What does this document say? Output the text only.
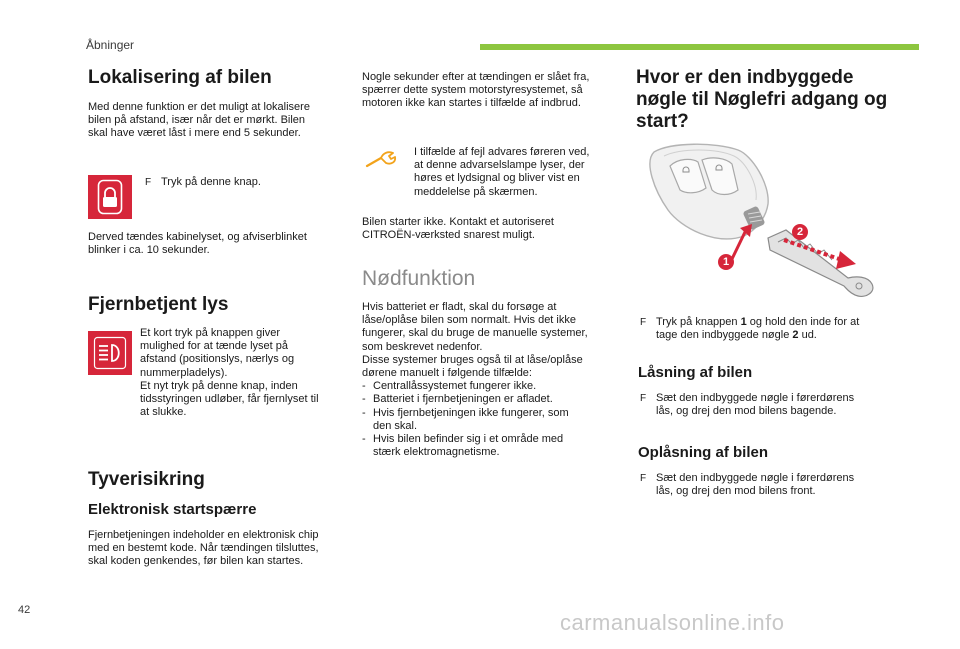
Åbninger
Lokalisering af bilen

Med denne funktion er det muligt at lokalisere

bilen på afstand, især når det er mørkt. Bilen

skal have været låst i mere end 5 sekunder.

F Tryk på denne knap.

Derved tændes kabinelyset, og afviserblinket

blinker i ca. 10 sekunder.

Fjernbetjent lys

Et kort tryk på knappen giver

mulighed for at tænde lyset på

afstand (positionslys, nærlys og

nummerpladelys).

Et nyt tryk på denne knap, inden

tidsstyringen udløber, får fjernlyset til

at slukke.

Tyverisikring
Elektronisk startspærre

Fjernbetjeningen indeholder en elektronisk chip

med en bestemt kode. Når tændingen tilsluttes,

skal koden genkendes, før bilen kan startes.

Nogle sekunder efter at tændingen er slået fra,

spærrer dette system motorstyresystemet, så

motoren ikke kan startes i tilfælde af indbrud.

I tilfælde af fejl advares føreren ved,

at denne advarselslampe lyser, der

høres et lydsignal og bliver vist en

meddelelse på skærmen.

Bilen starter ikke. Kontakt et autoriseret

CITROËN-værksted snarest muligt.

Nødfunktion

Hvis batteriet er fladt, skal du forsøge at

låse/oplåse bilen som normalt. Hvis det ikke

fungerer, skal du bruge de manuelle systemer,

som beskrevet nedenfor.

Disse systemer bruges også til at låse/oplåse

dørene manuelt i følgende tilfælde:

- Centrallåssystemet fungerer ikke.
- Batteriet i fjernbetjeningen er afladet.
- Hvis fjernbetjeningen ikke fungerer, som
den skal.
- Hvis bilen befinder sig i et område med
stærk elektromagnetisme.
Hvor er den indbyggede
nøgle til Nøglefri adgang og
start?
1
2
F Tryk på knappen 1 og hold den inde for at
tage den indbyggede nøgle 2 ud.
Låsning af bilen
F Sæt den indbyggede nøgle i førerdørens
lås, og drej den mod bilens bagende.
Oplåsning af bilen
F Sæt den indbyggede nøgle i førerdørens
lås, og drej den mod bilens front.
42	carmanualsonline.info
